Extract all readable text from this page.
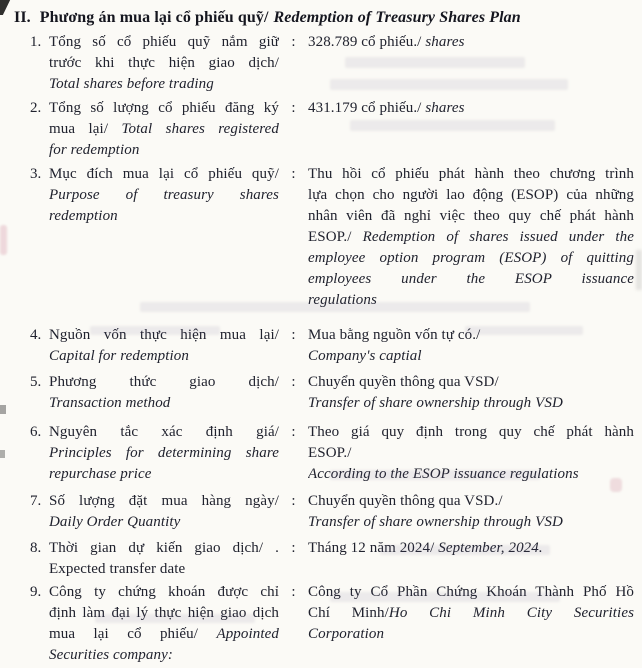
II. Phương án mua lại cổ phiếu quỹ/ Redemption of Treasury Shares Plan
1. Tổng số cổ phiếu quỹ nắm giữ
trước khi thực hiện giao dịch/
Total shares before trading
: 328.789 cổ phiếu./ shares
2. Tổng số lượng cổ phiếu đăng ký
mua lại/ Total shares registered
for redemption
: 431.179 cổ phiếu./ shares
3. Mục đích mua lại cổ phiếu quỹ/
Purpose of treasury shares
redemption
: Thu hồi cổ phiếu phát hành theo chương trình
lựa chọn cho người lao động (ESOP) của những
nhân viên đã nghỉ việc theo quy chế phát hành
ESOP./ Redemption of shares issued under the
employee option program (ESOP) of quitting
employees under the ESOP issuance
regulations
4. Nguồn vốn thực hiện mua lại/
Capital for redemption
: Mua bằng nguồn vốn tự có./
Company's captial
5. Phương thức giao dịch/
Transaction method
: Chuyển quyền thông qua VSD/
Transfer of share ownership through VSD
6. Nguyên tắc xác định giá/
Principles for determining share
repurchase price
: Theo giá quy định trong quy chế phát hành
ESOP./
According to the ESOP issuance regulations
7. Số lượng đặt mua hàng ngày/
Daily Order Quantity
: Chuyển quyền thông qua VSD./
Transfer of share ownership through VSD
8. Thời gian dự kiến giao dịch/ .
Expected transfer date
: Tháng 12 năm 2024/ September, 2024.
9. Công ty chứng khoán được chỉ
định làm đại lý thực hiện giao dịch
mua lại cổ phiếu/ Appointed
Securities company:
: Công ty Cổ Phần Chứng Khoán Thành Phố Hồ
Chí Minh/Ho Chi Minh City Securities
Corporation
